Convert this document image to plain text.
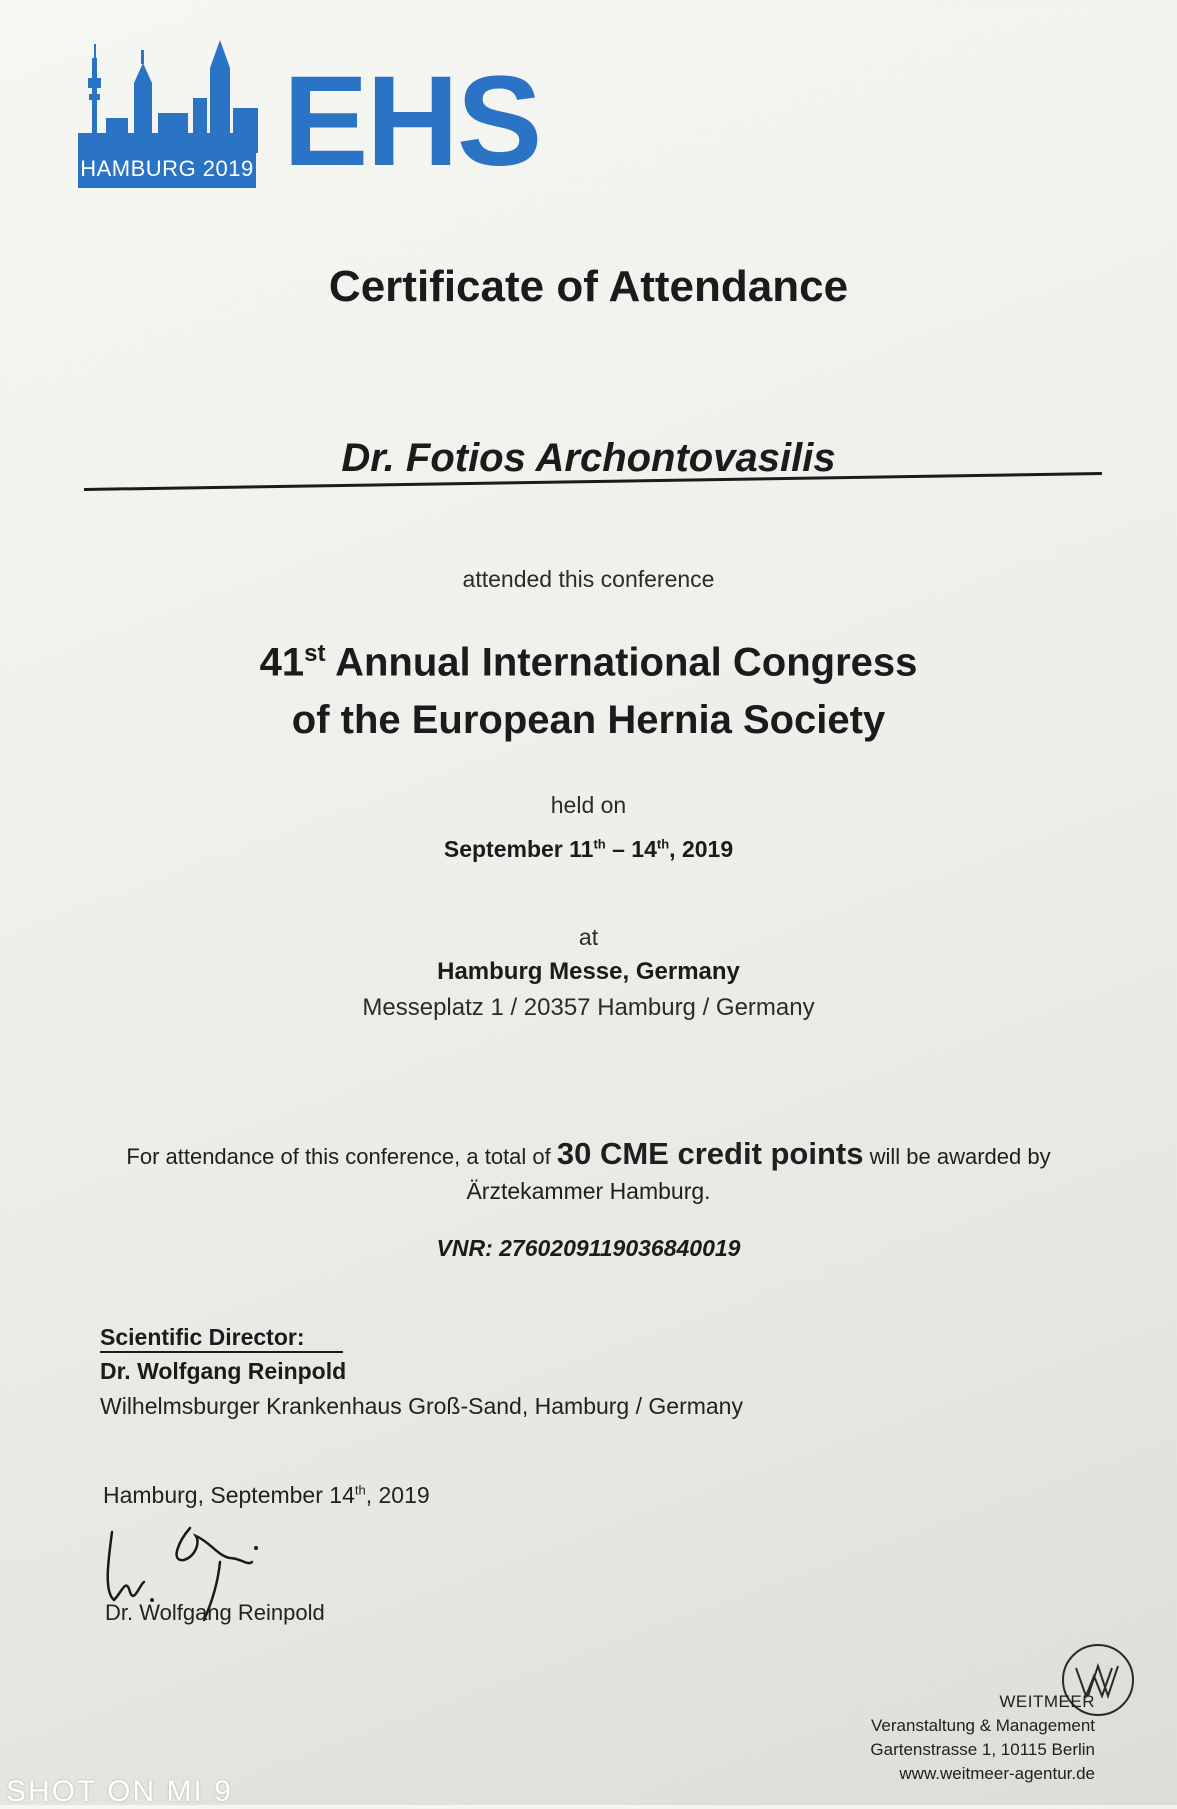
HAMBURG 2019 EHS
Certificate of Attendance
Dr. Fotios Archontovasilis
attended this conference
41st Annual International Congress
of the European Hernia Society
held on
September 11th – 14th, 2019
at
Hamburg Messe, Germany
Messeplatz 1 / 20357 Hamburg / Germany
For attendance of this conference, a total of 30 CME credit points will be awarded by
Ärztekammer Hamburg.
VNR: 2760209119036840019
Scientific Director:
Dr. Wolfgang Reinpold
Wilhelmsburger Krankenhaus Groß-Sand, Hamburg / Germany
Hamburg, September 14th, 2019
Dr. Wolfgang Reinpold
WEITMEER
Veranstaltung & Management
Gartenstrasse 1, 10115 Berlin
www.weitmeer-agentur.de
SHOT ON MI 9
